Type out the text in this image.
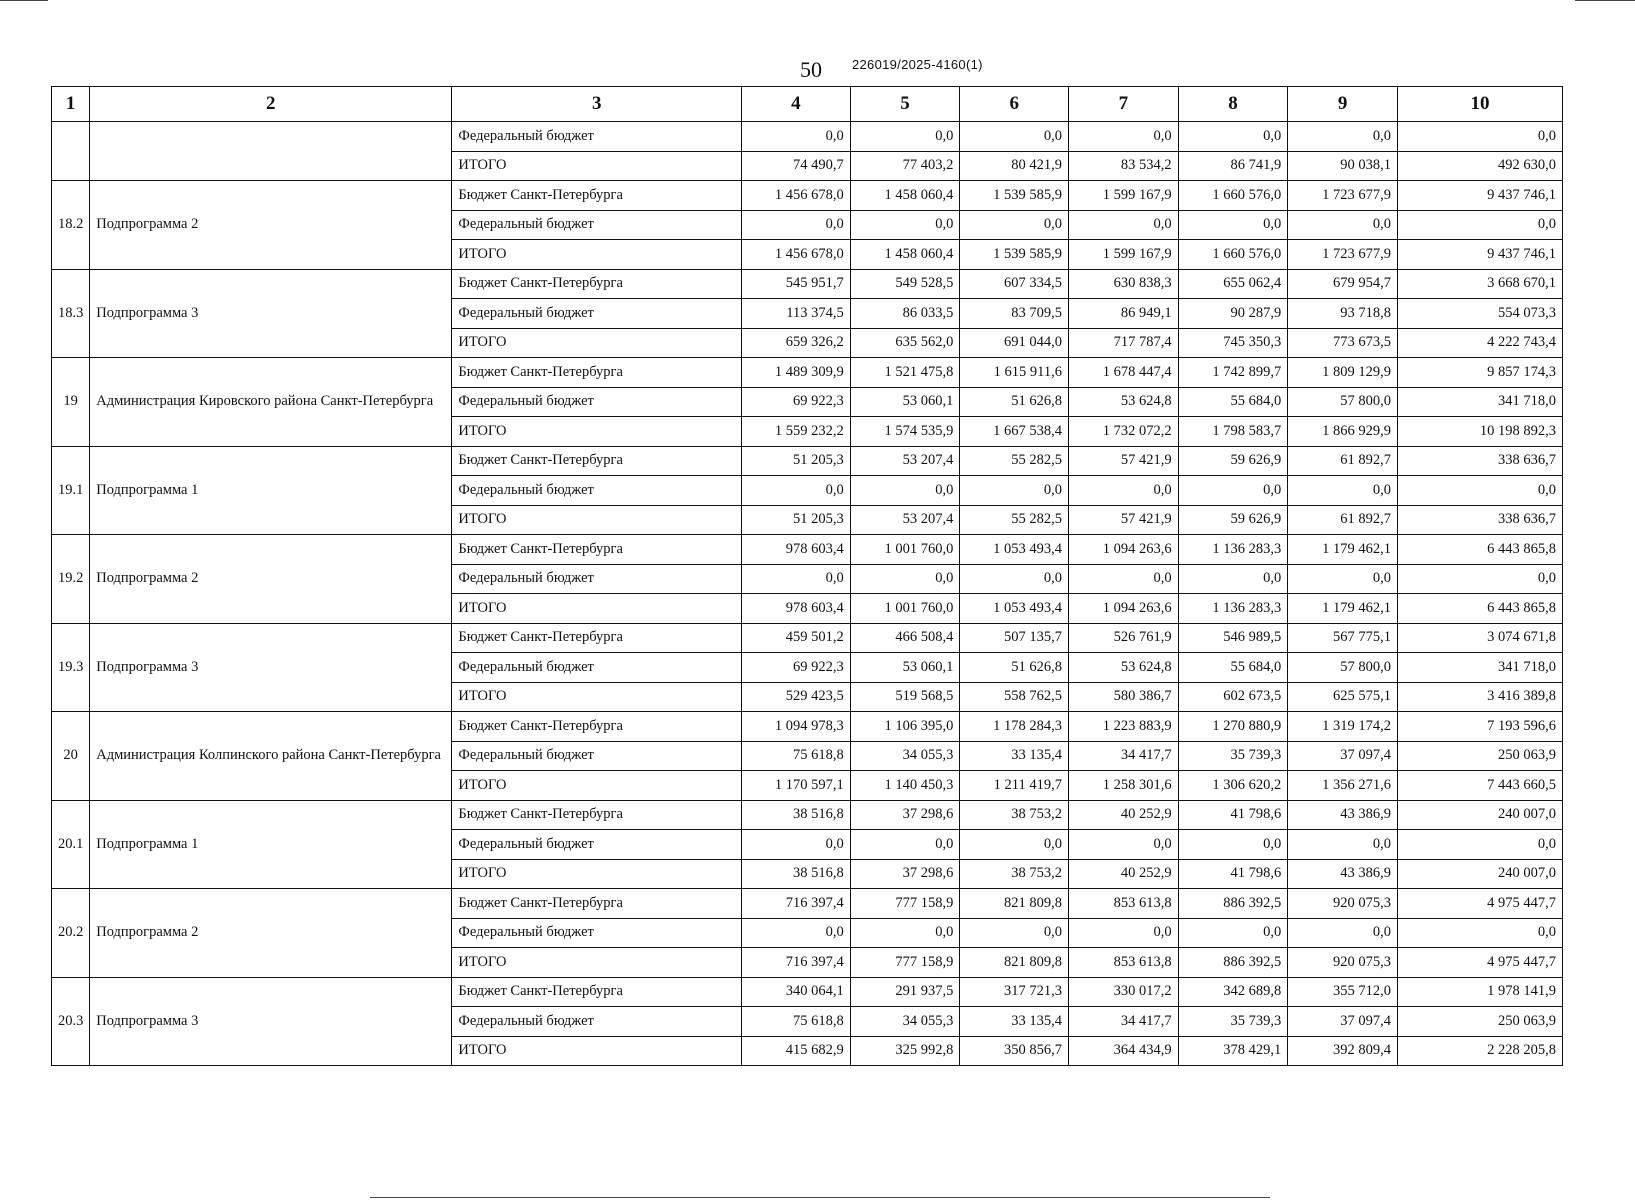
50 226019/2025-4160(1)
1	2	3	4	5	6	7	8	9	10
		Федеральный бюджет	0,0	0,0	0,0	0,0	0,0	0,0	0,0
		ИТОГО	74 490,7	77 403,2	80 421,9	83 534,2	86 741,9	90 038,1	492 630,0
18.2	Подпрограмма 2	Бюджет Санкт-Петербурга	1 456 678,0	1 458 060,4	1 539 585,9	1 599 167,9	1 660 576,0	1 723 677,9	9 437 746,1
		Федеральный бюджет	0,0	0,0	0,0	0,0	0,0	0,0	0,0
		ИТОГО	1 456 678,0	1 458 060,4	1 539 585,9	1 599 167,9	1 660 576,0	1 723 677,9	9 437 746,1
18.3	Подпрограмма 3	Бюджет Санкт-Петербурга	545 951,7	549 528,5	607 334,5	630 838,3	655 062,4	679 954,7	3 668 670,1
		Федеральный бюджет	113 374,5	86 033,5	83 709,5	86 949,1	90 287,9	93 718,8	554 073,3
		ИТОГО	659 326,2	635 562,0	691 044,0	717 787,4	745 350,3	773 673,5	4 222 743,4
19	Администрация Кировского района Санкт-Петербурга	Бюджет Санкт-Петербурга	1 489 309,9	1 521 475,8	1 615 911,6	1 678 447,4	1 742 899,7	1 809 129,9	9 857 174,3
		Федеральный бюджет	69 922,3	53 060,1	51 626,8	53 624,8	55 684,0	57 800,0	341 718,0
		ИТОГО	1 559 232,2	1 574 535,9	1 667 538,4	1 732 072,2	1 798 583,7	1 866 929,9	10 198 892,3
19.1	Подпрограмма 1	Бюджет Санкт-Петербурга	51 205,3	53 207,4	55 282,5	57 421,9	59 626,9	61 892,7	338 636,7
		Федеральный бюджет	0,0	0,0	0,0	0,0	0,0	0,0	0,0
		ИТОГО	51 205,3	53 207,4	55 282,5	57 421,9	59 626,9	61 892,7	338 636,7
19.2	Подпрограмма 2	Бюджет Санкт-Петербурга	978 603,4	1 001 760,0	1 053 493,4	1 094 263,6	1 136 283,3	1 179 462,1	6 443 865,8
		Федеральный бюджет	0,0	0,0	0,0	0,0	0,0	0,0	0,0
		ИТОГО	978 603,4	1 001 760,0	1 053 493,4	1 094 263,6	1 136 283,3	1 179 462,1	6 443 865,8
19.3	Подпрограмма 3	Бюджет Санкт-Петербурга	459 501,2	466 508,4	507 135,7	526 761,9	546 989,5	567 775,1	3 074 671,8
		Федеральный бюджет	69 922,3	53 060,1	51 626,8	53 624,8	55 684,0	57 800,0	341 718,0
		ИТОГО	529 423,5	519 568,5	558 762,5	580 386,7	602 673,5	625 575,1	3 416 389,8
20	Администрация Колпинского района Санкт-Петербурга	Бюджет Санкт-Петербурга	1 094 978,3	1 106 395,0	1 178 284,3	1 223 883,9	1 270 880,9	1 319 174,2	7 193 596,6
		Федеральный бюджет	75 618,8	34 055,3	33 135,4	34 417,7	35 739,3	37 097,4	250 063,9
		ИТОГО	1 170 597,1	1 140 450,3	1 211 419,7	1 258 301,6	1 306 620,2	1 356 271,6	7 443 660,5
20.1	Подпрограмма 1	Бюджет Санкт-Петербурга	38 516,8	37 298,6	38 753,2	40 252,9	41 798,6	43 386,9	240 007,0
		Федеральный бюджет	0,0	0,0	0,0	0,0	0,0	0,0	0,0
		ИТОГО	38 516,8	37 298,6	38 753,2	40 252,9	41 798,6	43 386,9	240 007,0
20.2	Подпрограмма 2	Бюджет Санкт-Петербурга	716 397,4	777 158,9	821 809,8	853 613,8	886 392,5	920 075,3	4 975 447,7
		Федеральный бюджет	0,0	0,0	0,0	0,0	0,0	0,0	0,0
		ИТОГО	716 397,4	777 158,9	821 809,8	853 613,8	886 392,5	920 075,3	4 975 447,7
20.3	Подпрограмма 3	Бюджет Санкт-Петербурга	340 064,1	291 937,5	317 721,3	330 017,2	342 689,8	355 712,0	1 978 141,9
		Федеральный бюджет	75 618,8	34 055,3	33 135,4	34 417,7	35 739,3	37 097,4	250 063,9
		ИТОГО	415 682,9	325 992,8	350 856,7	364 434,9	378 429,1	392 809,4	2 228 205,8
